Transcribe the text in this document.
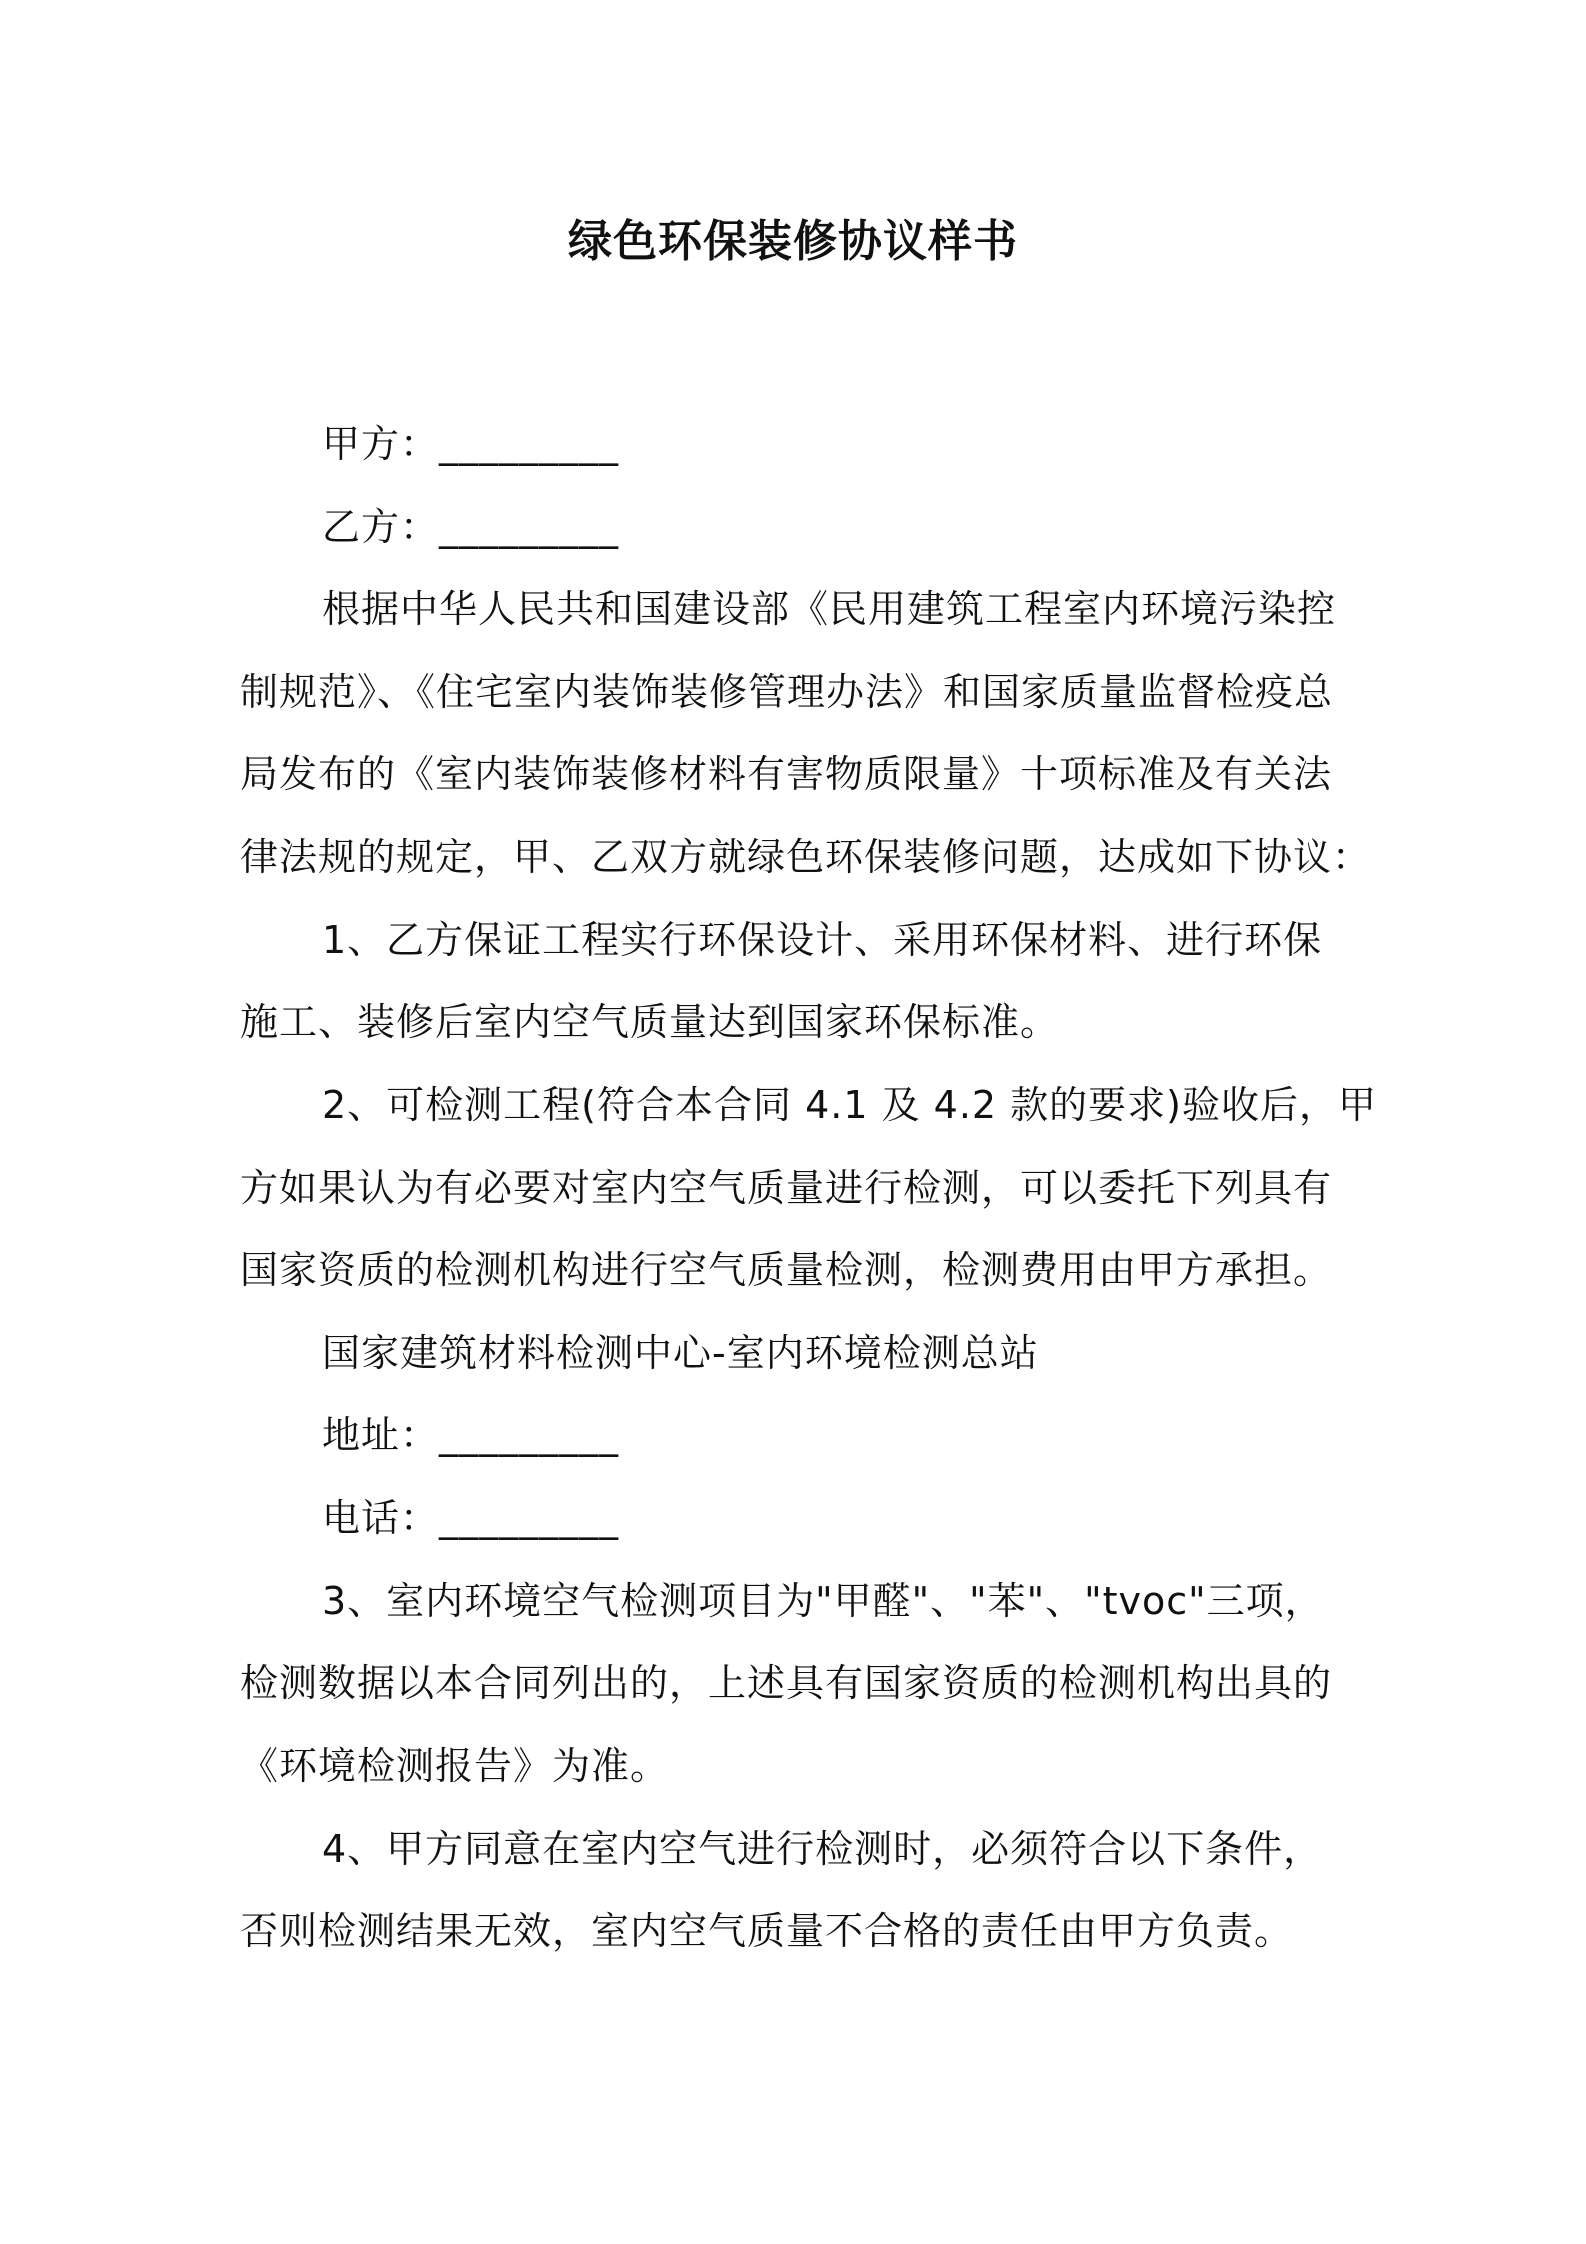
绿色环保装修协议样书
甲方：_________
乙方：_________
根据中华人民共和国建设部《民用建筑工程室内环境污染控
制规范》、《住宅室内装饰装修管理办法》和国家质量监督检疫总
局发布的《室内装饰装修材料有害物质限量》十项标准及有关法
律法规的规定，甲、乙双方就绿色环保装修问题，达成如下协议：
1、乙方保证工程实行环保设计、采用环保材料、进行环保
施工、装修后室内空气质量达到国家环保标准。
2、可检测工程(符合本合同 4.1 及 4.2 款的要求)验收后，甲
方如果认为有必要对室内空气质量进行检测，可以委托下列具有
国家资质的检测机构进行空气质量检测，检测费用由甲方承担。
国家建筑材料检测中心-室内环境检测总站
地址：_________
电话：_________
3、室内环境空气检测项目为"甲醛"、"苯"、"tvoc"三项，
检测数据以本合同列出的，上述具有国家资质的检测机构出具的
《环境检测报告》为准。
4、甲方同意在室内空气进行检测时，必须符合以下条件，
否则检测结果无效，室内空气质量不合格的责任由甲方负责。
